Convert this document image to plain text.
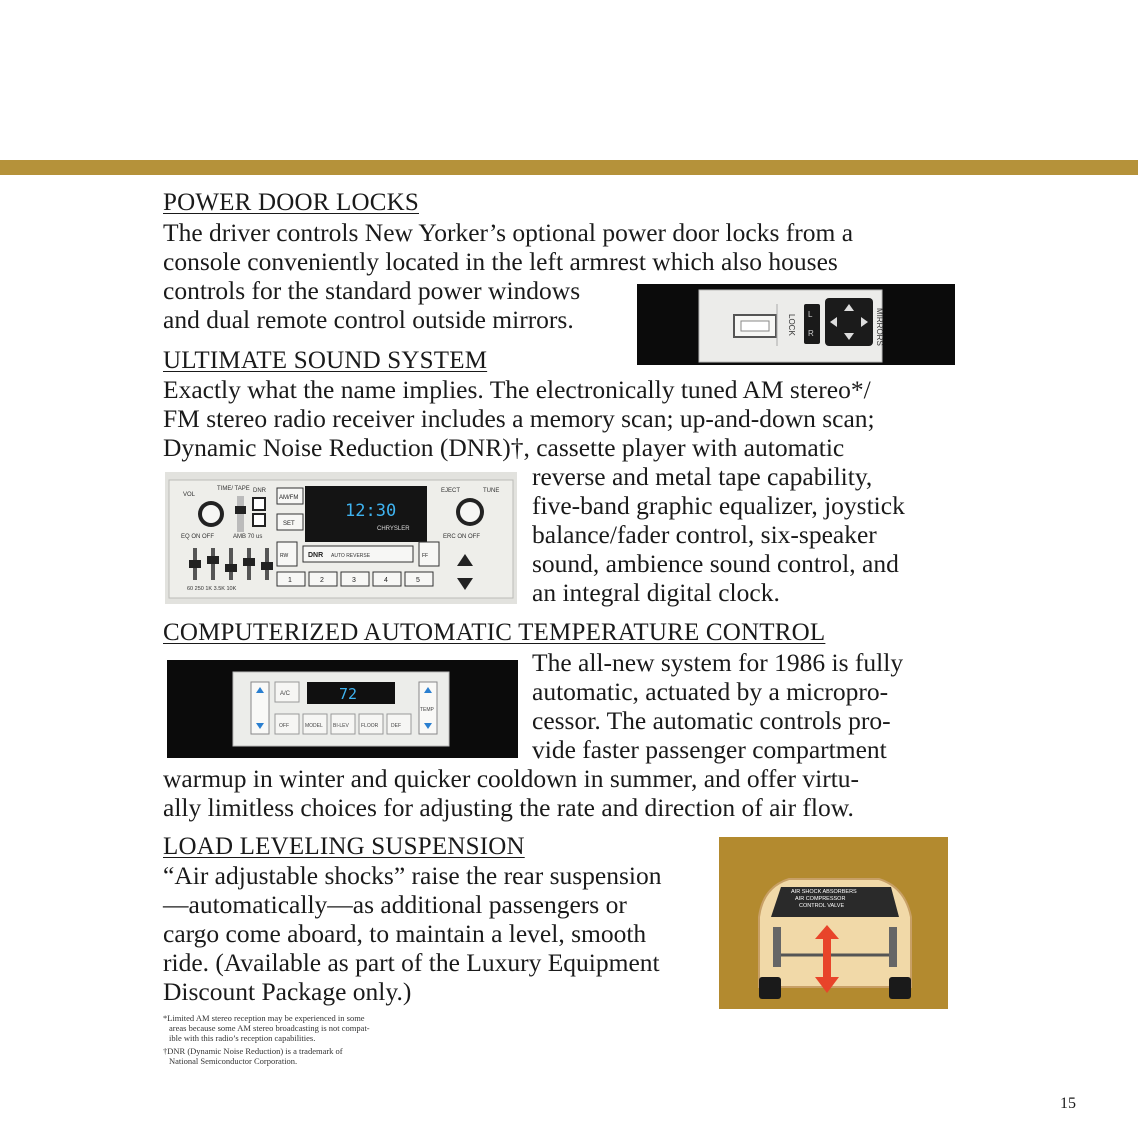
POWER DOOR LOCKS
The driver controls New Yorker’s optional power door locks from a
console conveniently located in the left armrest which also houses
controls for the standard power windows
and dual remote control outside mirrors.	LOCK L
R	MIRRORS
ULTIMATE SOUND SYSTEM
Exactly what the name implies. The electronically tuned AM stereo*/
FM stereo radio receiver includes a memory scan; up-and-down scan;
Dynamic Noise Reduction (DNR)†, cassette player with automatic
reverse and metal tape capability,
five-band graphic equalizer, joystick
balance/fader control, six-speaker
sound, ambience sound control, and
an integral digital clock.
VOL
TIME/ TAPE DNR
EQ ON OFF	AMB 70 us
60 250 1K 3.5K 10K
AM/FM
SET
12:30
CHRYSLER
EJECT	TUNE
ERC ON OFF
RW	DNR AUTO REVERSE	FF
1	2	3	4	5
COMPUTERIZED AUTOMATIC TEMPERATURE CONTROL
The all-new system for 1986 is fully
automatic, actuated by a micropro-
cessor. The automatic controls pro-
vide faster passenger compartment
warmup in winter and quicker cooldown in summer, and offer virtu-
ally limitless choices for adjusting the rate and direction of air flow.
A/C	72
OFF	MODEL BI-LEV FLOOR	DEF
TEMP
LOAD LEVELING SUSPENSION
“Air adjustable shocks” raise the rear suspension
—automatically—as additional passengers or
cargo come aboard, to maintain a level, smooth
ride. (Available as part of the Luxury Equipment
Discount Package only.)
AIR SHOCK ABSORBERS
AIR COMPRESSOR
CONTROL VALVE
*Limited AM stereo reception may be experienced in some
areas because some AM stereo broadcasting is not compat-
ible with this radio’s reception capabilities.
†DNR (Dynamic Noise Reduction) is a trademark of
National Semiconductor Corporation.
15
